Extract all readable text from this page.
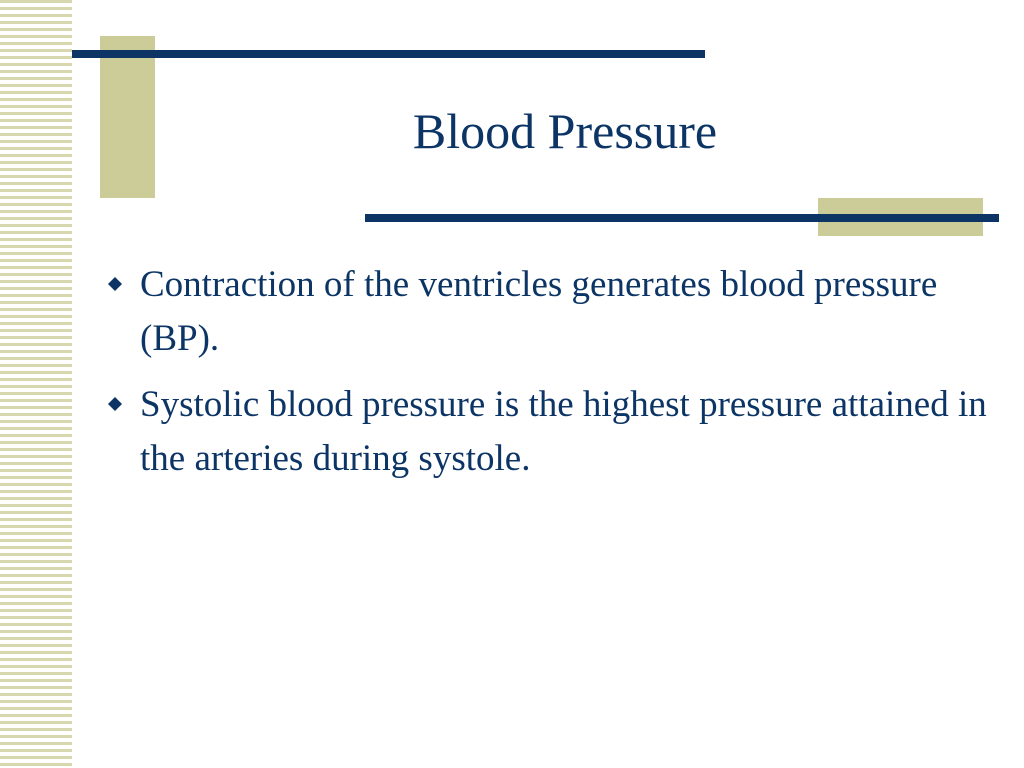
Blood Pressure
Contraction of the ventricles generates blood pressure (BP).
Systolic blood pressure is the highest pressure attained in the arteries during systole.
